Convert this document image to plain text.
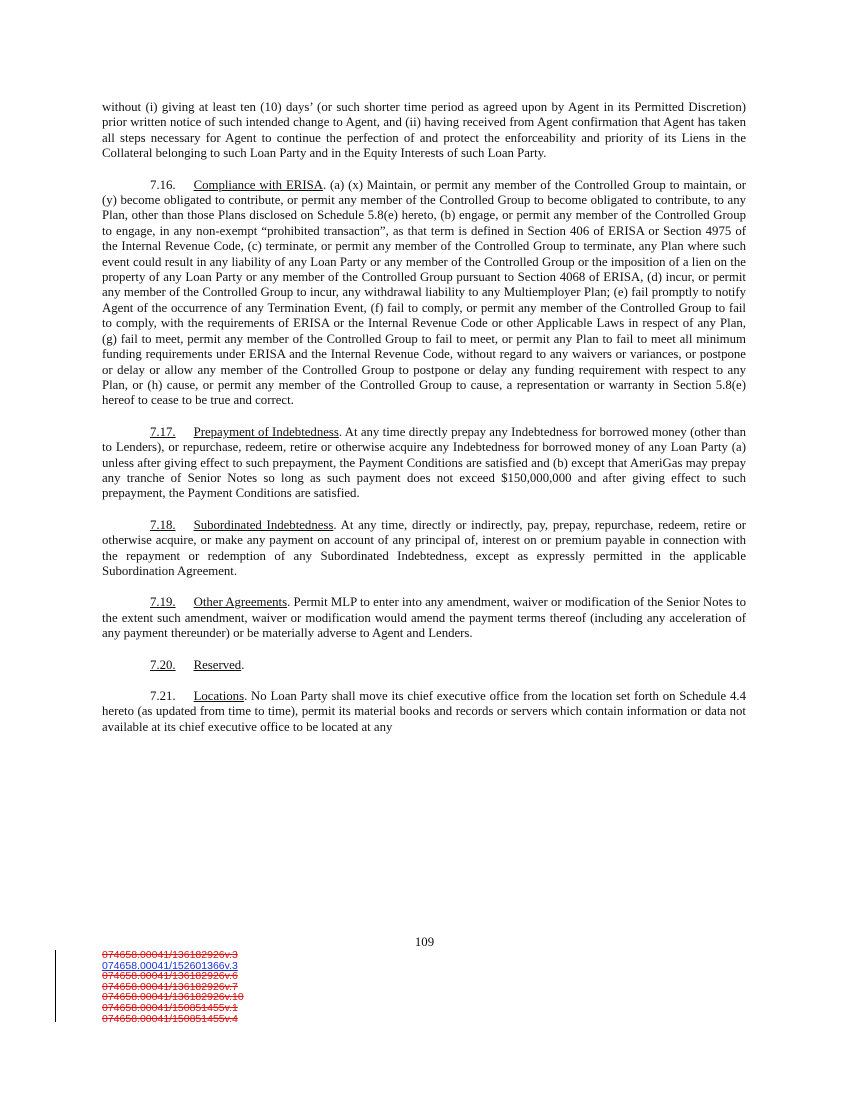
without (i) giving at least ten (10) days’ (or such shorter time period as agreed upon by Agent in its Permitted Discretion) prior written notice of such intended change to Agent, and (ii) having received from Agent confirmation that Agent has taken all steps necessary for Agent to continue the perfection of and protect the enforceability and priority of its Liens in the Collateral belonging to such Loan Party and in the Equity Interests of such Loan Party.

7.16. Compliance with ERISA. (a) (x) Maintain, or permit any member of the Controlled Group to maintain, or (y) become obligated to contribute, or permit any member of the Controlled Group to become obligated to contribute, to any Plan, other than those Plans disclosed on Schedule 5.8(e) hereto, (b) engage, or permit any member of the Controlled Group to engage, in any non-exempt “prohibited transaction”, as that term is defined in Section 406 of ERISA or Section 4975 of the Internal Revenue Code, (c) terminate, or permit any member of the Controlled Group to terminate, any Plan where such event could result in any liability of any Loan Party or any member of the Controlled Group or the imposition of a lien on the property of any Loan Party or any member of the Controlled Group pursuant to Section 4068 of ERISA, (d) incur, or permit any member of the Controlled Group to incur, any withdrawal liability to any Multiemployer Plan; (e) fail promptly to notify Agent of the occurrence of any Termination Event, (f) fail to comply, or permit any member of the Controlled Group to fail to comply, with the requirements of ERISA or the Internal Revenue Code or other Applicable Laws in respect of any Plan, (g) fail to meet, permit any member of the Controlled Group to fail to meet, or permit any Plan to fail to meet all minimum funding requirements under ERISA and the Internal Revenue Code, without regard to any waivers or variances, or postpone or delay or allow any member of the Controlled Group to postpone or delay any funding requirement with respect to any Plan, or (h) cause, or permit any member of the Controlled Group to cause, a representation or warranty in Section 5.8(e) hereof to cease to be true and correct.

7.17. Prepayment of Indebtedness. At any time directly prepay any Indebtedness for borrowed money (other than to Lenders), or repurchase, redeem, retire or otherwise acquire any Indebtedness for borrowed money of any Loan Party (a) unless after giving effect to such prepayment, the Payment Conditions are satisfied and (b) except that AmeriGas may prepay any tranche of Senior Notes so long as such payment does not exceed $150,000,000 and after giving effect to such prepayment, the Payment Conditions are satisfied.

7.18. Subordinated Indebtedness. At any time, directly or indirectly, pay, prepay, repurchase, redeem, retire or otherwise acquire, or make any payment on account of any principal of, interest on or premium payable in connection with the repayment or redemption of any Subordinated Indebtedness, except as expressly permitted in the applicable Subordination Agreement.

7.19. Other Agreements. Permit MLP to enter into any amendment, waiver or modification of the Senior Notes to the extent such amendment, waiver or modification would amend the payment terms thereof (including any acceleration of any payment thereunder) or be materially adverse to Agent and Lenders.

7.20. Reserved.

7.21. Locations. No Loan Party shall move its chief executive office from the location set forth on Schedule 4.4 hereto (as updated from time to time), permit its material books and records or servers which contain information or data not available at its chief executive office to be located at any

109
074658.00041/136182926v.3
074658.00041/152601366v.3
074658.00041/136182926v.6
074658.00041/136182926v.7
074658.00041/136182926v.10
074658.00041/150851455v.1
074658.00041/150851455v.4
